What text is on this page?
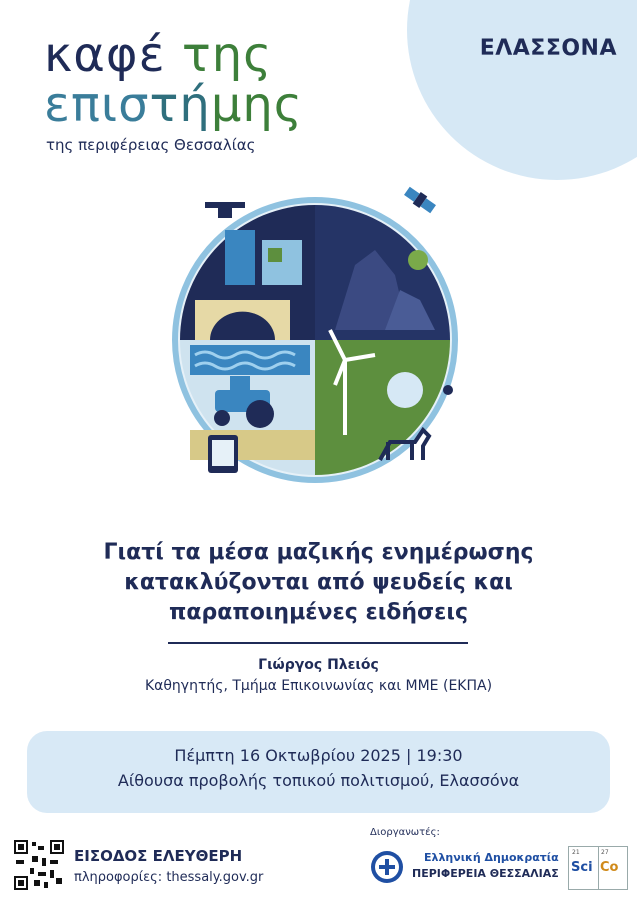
ΕΛΑΣΣΟΝΑ
καφέ της
επιστήμης
της περιφέρειας Θεσσαλίας
Γιατί τα μέσα μαζικής ενημέρωσης
κατακλύζονται από ψευδείς και
παραποιημένες ειδήσεις
Γιώργος Πλειός
Καθηγητής, Τμήμα Επικοινωνίας και ΜΜΕ (ΕΚΠΑ)
Πέμπτη 16 Οκτωβρίου 2025 | 19:30
Αίθουσα προβολής τοπικού πολιτισμού, Ελασσόνα
ΕΙΣΟΔΟΣ ΕΛΕΥΘΕΡΗ
πληροφορίες: thessaly.gov.gr
Διοργανωτές:
Ελληνική Δημοκρατία
ΠΕΡΙΦΕΡΕΙΑ ΘΕΣΣΑΛΙΑΣ
21
Sci
27
Co
